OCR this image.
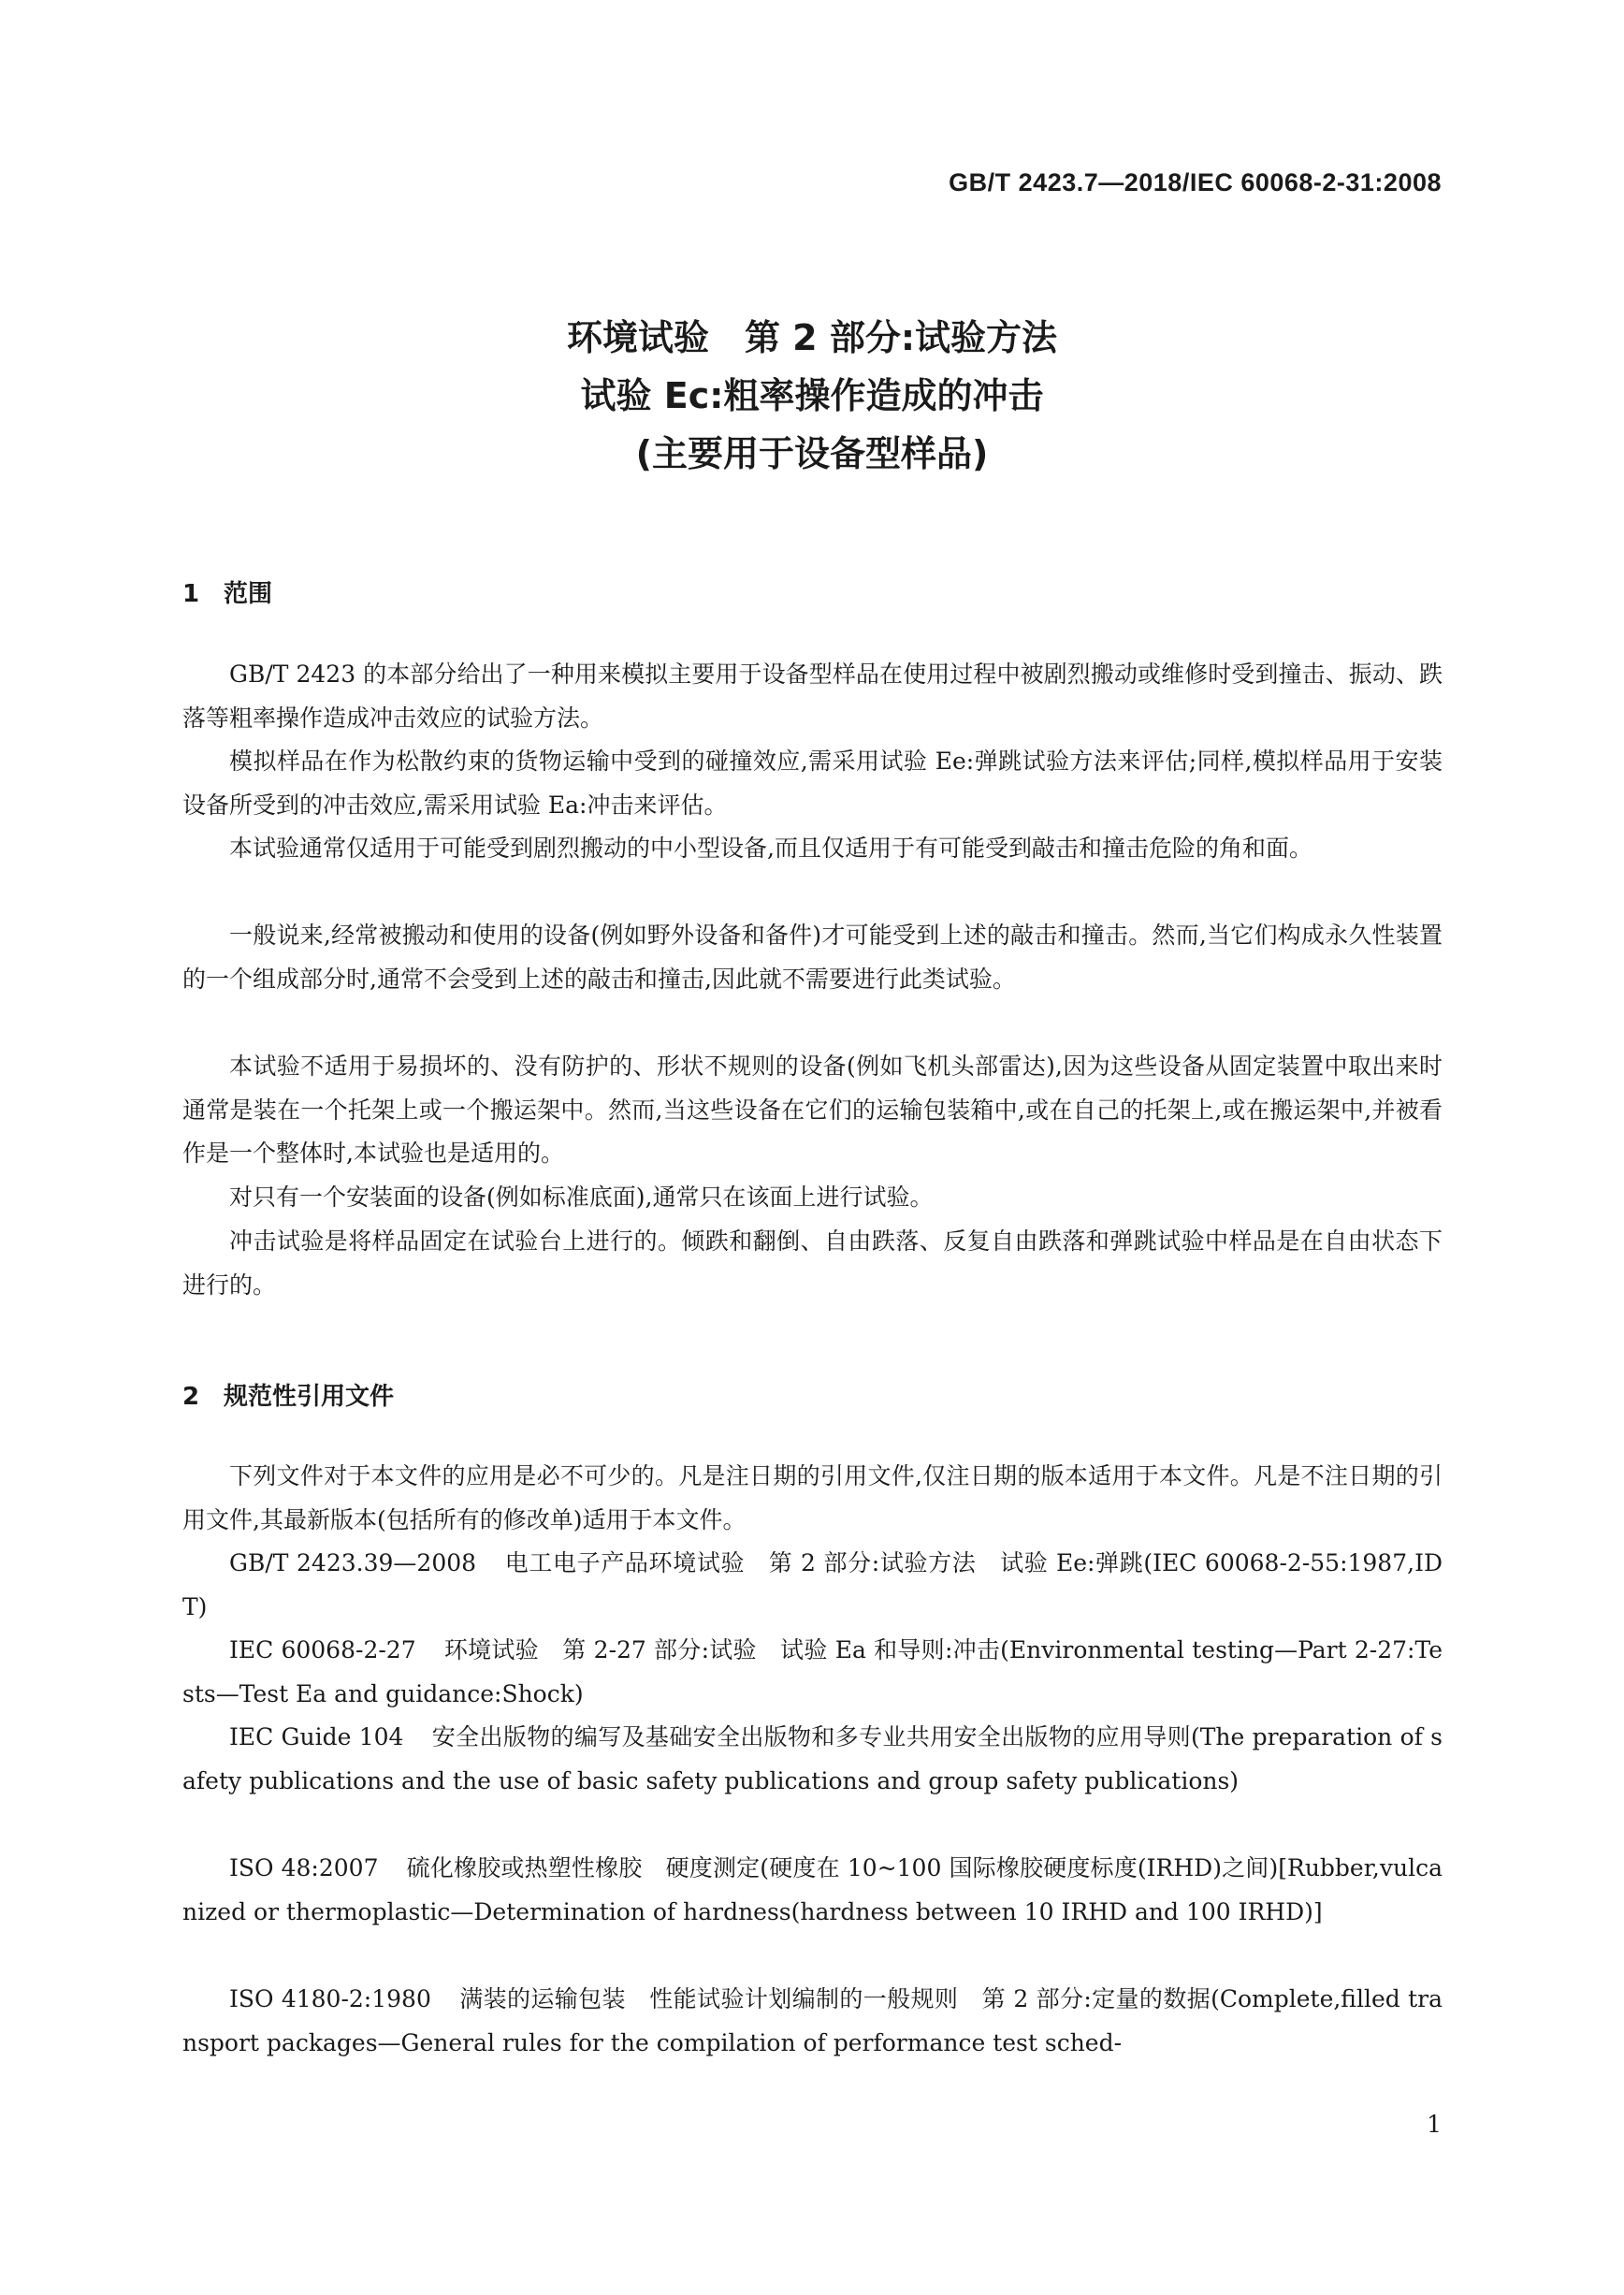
GB/T 2423.7—2018/IEC 60068-2-31:2008
环境试验　第 2 部分:试验方法
试验 Ec:粗率操作造成的冲击
(主要用于设备型样品)
1 范围

GB/T 2423 的本部分给出了一种用来模拟主要用于设备型样品在使用过程中被剧烈搬动或维修时受到撞击、振动、跌落等粗率操作造成冲击效应的试验方法。

模拟样品在作为松散约束的货物运输中受到的碰撞效应,需采用试验 Ee:弹跳试验方法来评估;同样,模拟样品用于安装设备所受到的冲击效应,需采用试验 Ea:冲击来评估。

本试验通常仅适用于可能受到剧烈搬动的中小型设备,而且仅适用于有可能受到敲击和撞击危险的角和面。

一般说来,经常被搬动和使用的设备(例如野外设备和备件)才可能受到上述的敲击和撞击。然而,当它们构成永久性装置的一个组成部分时,通常不会受到上述的敲击和撞击,因此就不需要进行此类试验。

本试验不适用于易损坏的、没有防护的、形状不规则的设备(例如飞机头部雷达),因为这些设备从固定装置中取出来时通常是装在一个托架上或一个搬运架中。然而,当这些设备在它们的运输包装箱中,或在自己的托架上,或在搬运架中,并被看作是一个整体时,本试验也是适用的。

对只有一个安装面的设备(例如标准底面),通常只在该面上进行试验。

冲击试验是将样品固定在试验台上进行的。倾跌和翻倒、自由跌落、反复自由跌落和弹跳试验中样品是在自由状态下进行的。

2 规范性引用文件

下列文件对于本文件的应用是必不可少的。凡是注日期的引用文件,仅注日期的版本适用于本文件。凡是不注日期的引用文件,其最新版本(包括所有的修改单)适用于本文件。

GB/T 2423.39—2008 电工电子产品环境试验　第 2 部分:试验方法　试验 Ee:弹跳(IEC 60068-2-55:1987,IDT)

IEC 60068-2-27 环境试验　第 2-27 部分:试验　试验 Ea 和导则:冲击(Environmental testing—Part 2-27:Tests—Test Ea and guidance:Shock)

IEC Guide 104 安全出版物的编写及基础安全出版物和多专业共用安全出版物的应用导则(The preparation of safety publications and the use of basic safety publications and group safety publications)

ISO 48:2007 硫化橡胶或热塑性橡胶　硬度测定(硬度在 10~100 国际橡胶硬度标度(IRHD)之间)[Rubber,vulcanized or thermoplastic—Determination of hardness(hardness between 10 IRHD and 100 IRHD)]

ISO 4180-2:1980 满装的运输包装　性能试验计划编制的一般规则　第 2 部分:定量的数据(Complete,filled transport packages—General rules for the compilation of performance test sched-

1
